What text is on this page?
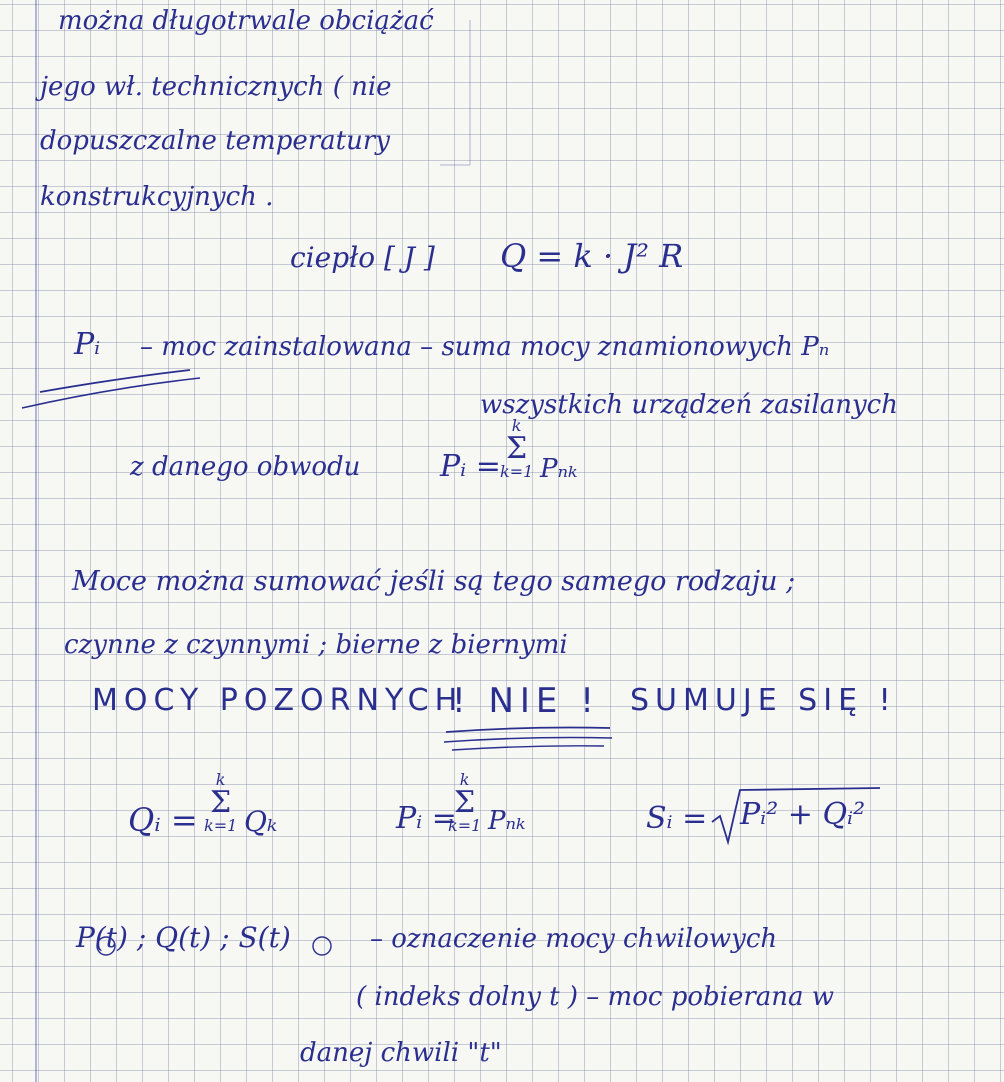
można długotrwale obciążać
jego wł. technicznych ( nie
dopuszczalne temperatury
konstrukcyjnych .
ciepło [ J ] Q = k · J² R
Pᵢ – moc zainstalowana – suma mocy znamionowych Pₙ
wszystkich urządzeń zasilanych
z danego obwodu	Pᵢ =
k
Σ
k=1 Pₙₖ
Moce można sumować jeśli są tego samego rodzaju ;
czynne z czynnymi ; bierne z biernymi
MOCY POZORNYCH
! NIE ! SUMUJE SIĘ !
Qᵢ =
k
Σ
k=1 Qₖ	Pᵢ =
k
Σ
k=1 Pₙₖ	Sᵢ = Pᵢ² + Qᵢ²
P(t) ; Q(t) ; S(t)	– oznaczenie mocy chwilowych
( indeks dolny t ) – moc pobierana w
danej chwili "t"
